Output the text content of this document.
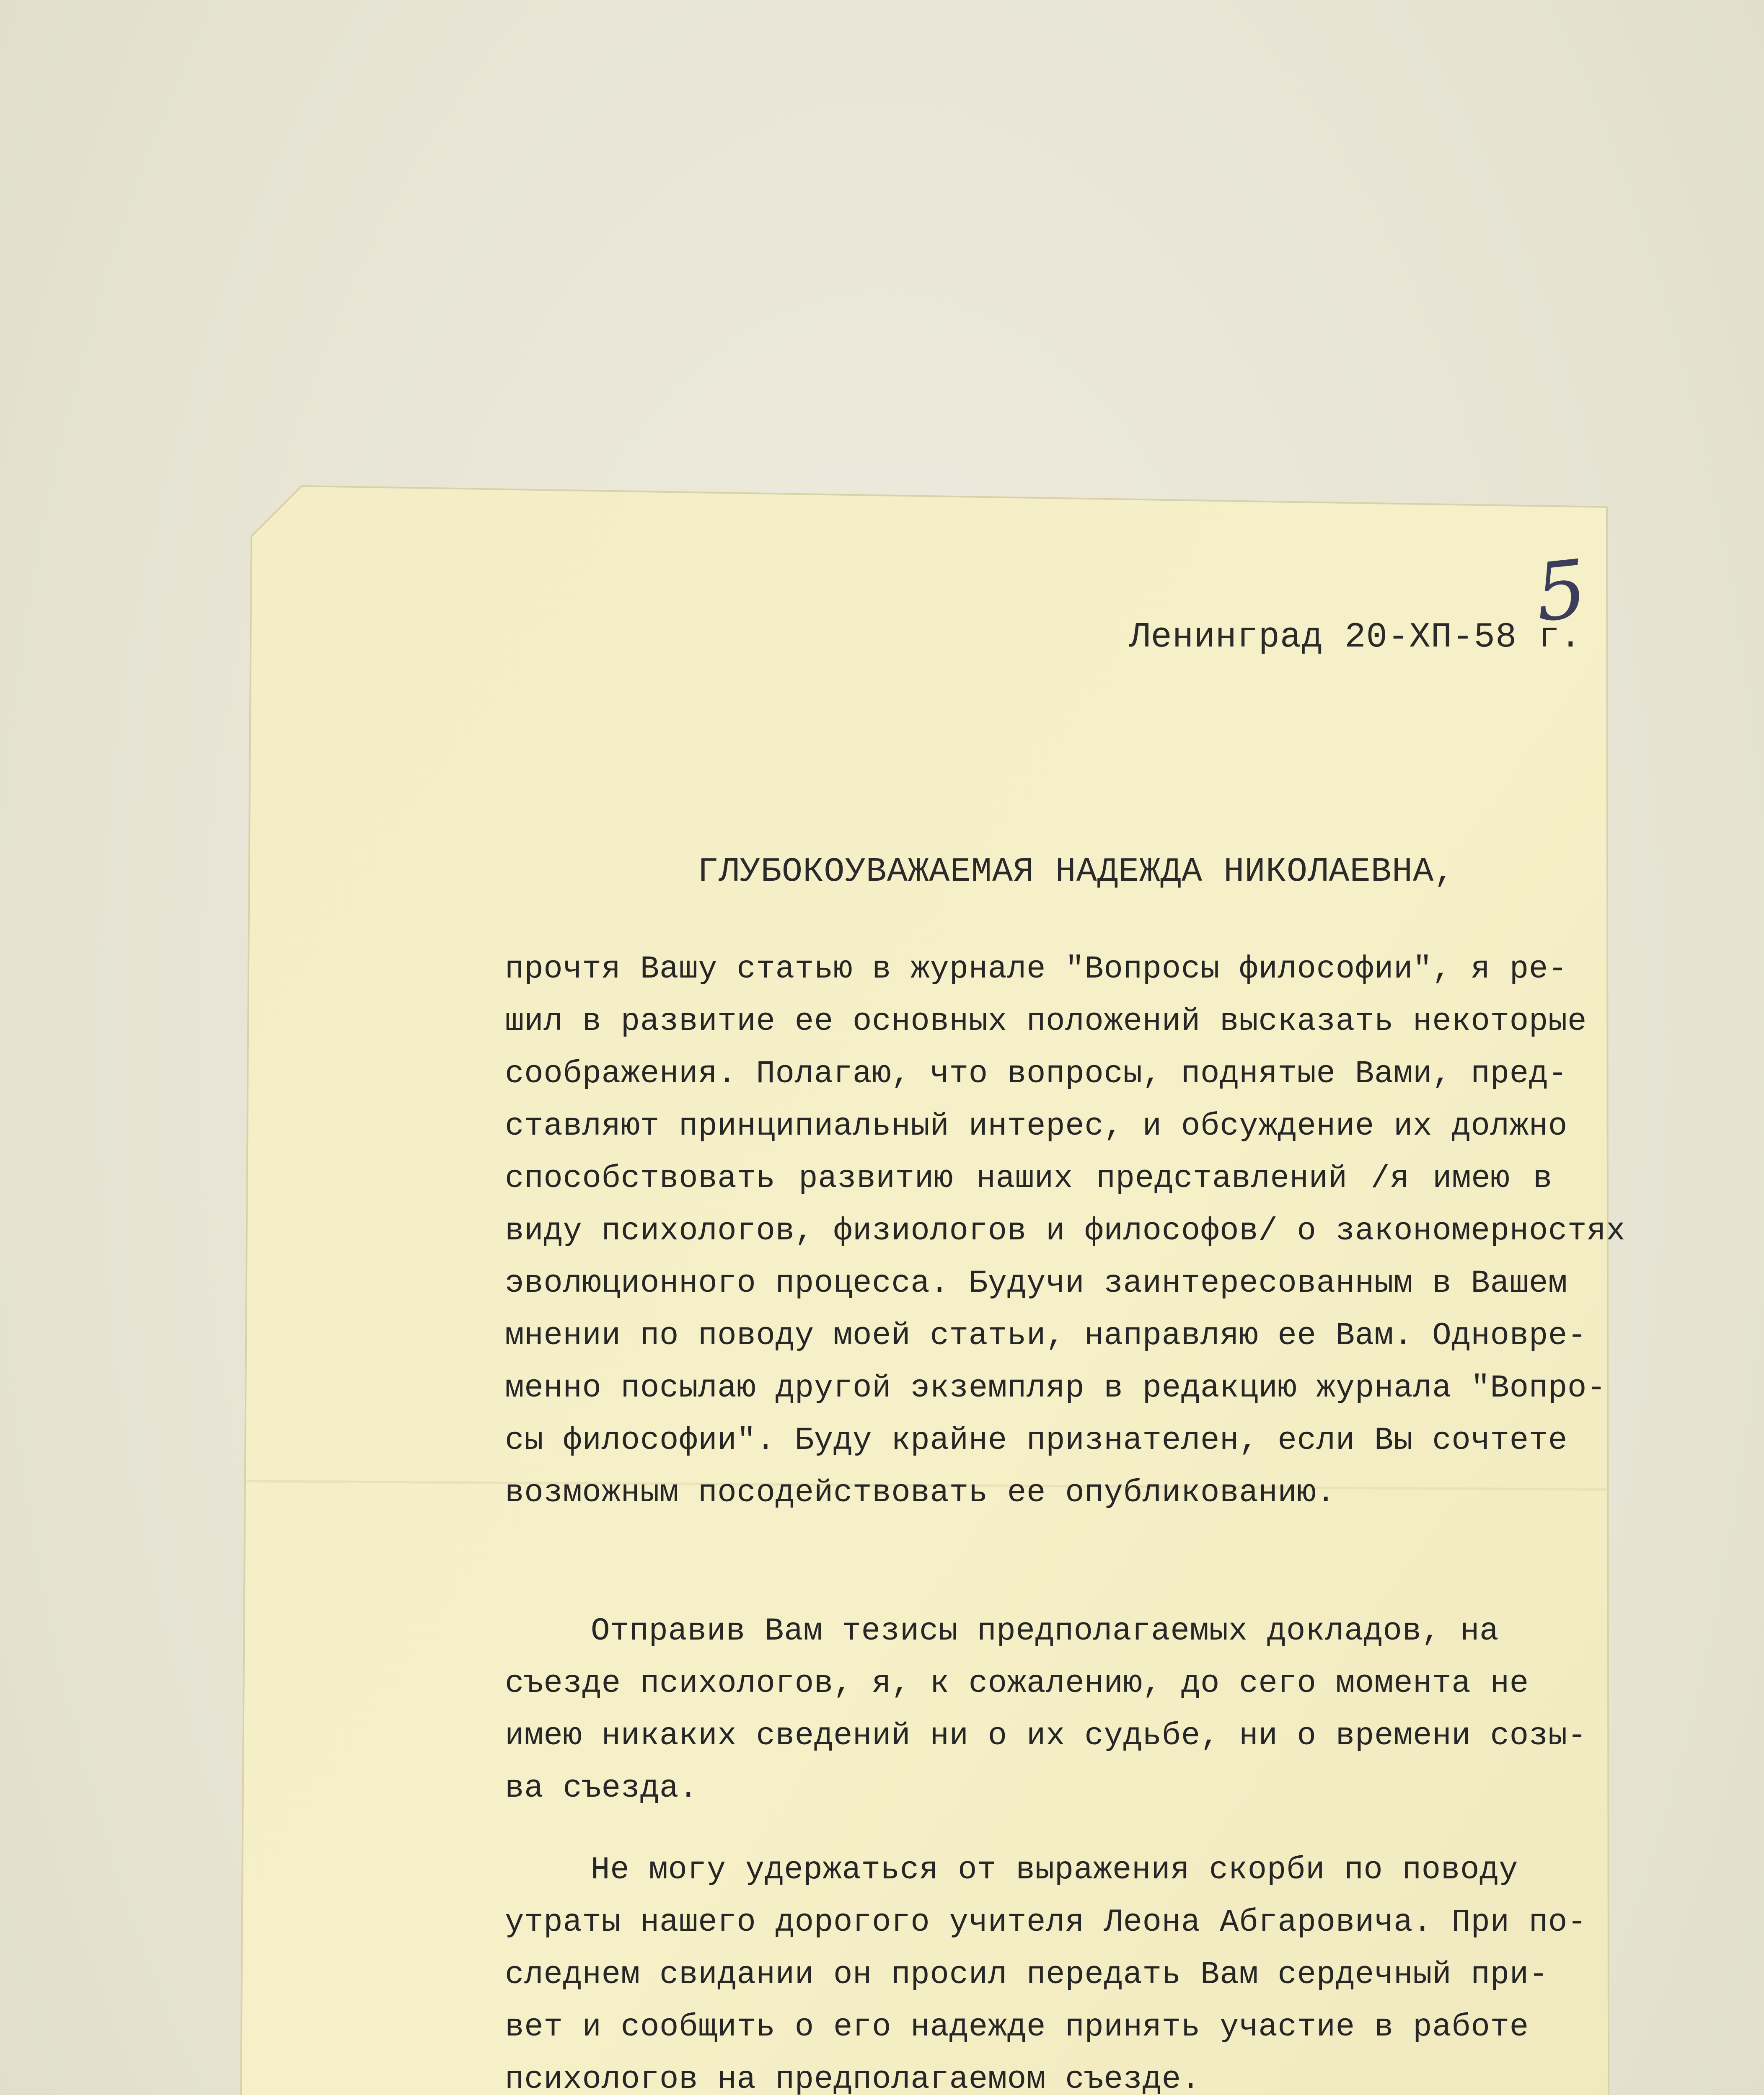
5
Ленинград 20-XП-58 г.
ГЛУБОКОУВАЖАЕМАЯ НАДЕЖДА НИКОЛАЕВНА,
прочтя Вашу статью в журнале "Вопросы философии", я ре-
шил в развитие ее основных положений высказать некоторые
соображения. Полагаю, что вопросы, поднятые Вами, пред-
ставляют принципиальный интерес, и обсуждение их должно
способствовать развитию наших представлений /я имею в
виду психологов, физиологов и философов/ о закономерностях
эволюционного процесса. Будучи заинтересованным в Вашем
мнении по поводу моей статьи, направляю ее Вам. Одновре-
менно посылаю другой экземпляр в редакцию журнала "Вопро-
сы философии". Буду крайне признателен, если Вы сочтете
возможным посодействовать ее опубликованию.
Отправив Вам тезисы предполагаемых докладов, на
съезде психологов, я, к сожалению, до сего момента не
имею никаких сведений ни о их судьбе, ни о времени созы-
ва съезда.
Не могу удержаться от выражения скорби по поводу
утраты нашего дорогого учителя Леона Абгаровича. При по-
следнем свидании он просил передать Вам сердечный при-
вет и сообщить о его надежде принять участие в работе
психологов на предполагаемом съезде.
